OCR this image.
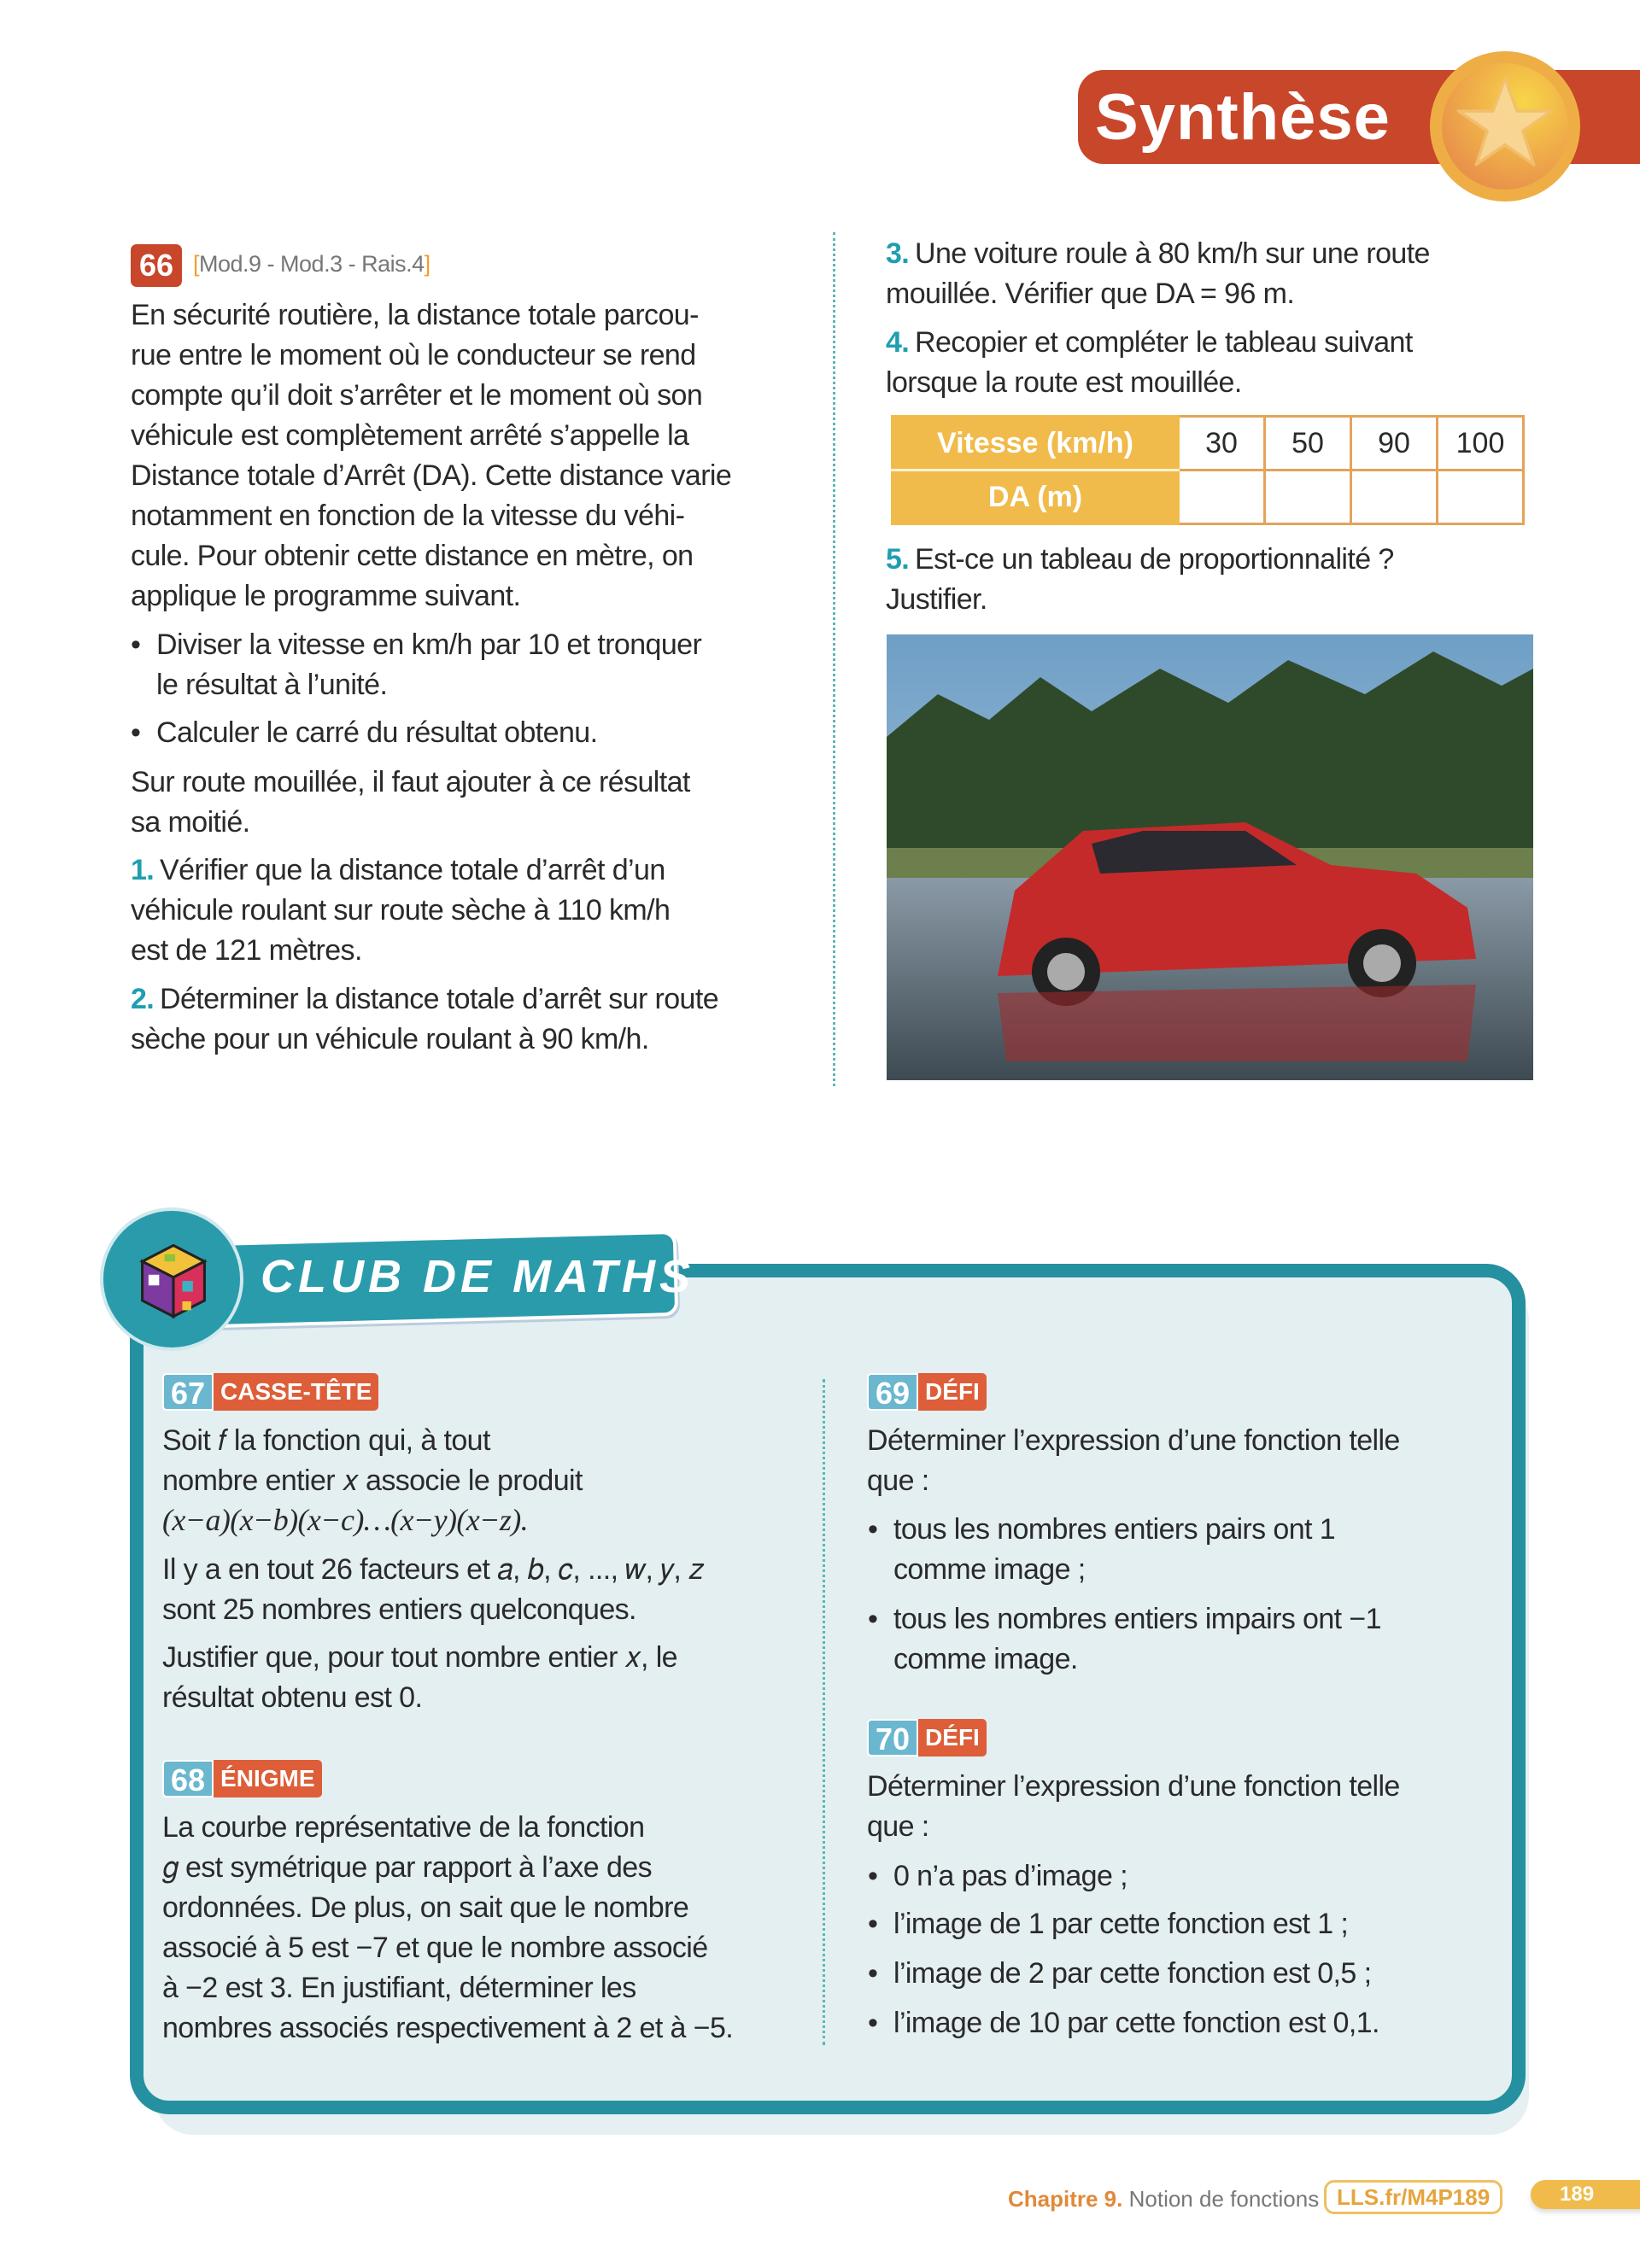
Synthèse
66 [Mod.9 - Mod.3 - Rais.4]
En sécurité routière, la distance totale parcou-
rue entre le moment où le conducteur se rend
compte qu’il doit s’arrêter et le moment où son
véhicule est complètement arrêté s’appelle la
Distance totale d’Arrêt (DA). Cette distance varie
notamment en fonction de la vitesse du véhi-
cule. Pour obtenir cette distance en mètre, on
applique le programme suivant.
• Diviser la vitesse en km/h par 10 et tronquer
le résultat à l’unité.
• Calculer le carré du résultat obtenu.
Sur route mouillée, il faut ajouter à ce résultat
sa moitié.
1. Vérifier que la distance totale d’arrêt d’un
véhicule roulant sur route sèche à 110 km/h
est de 121 mètres.
2. Déterminer la distance totale d’arrêt sur route
sèche pour un véhicule roulant à 90 km/h.
3. Une voiture roule à 80 km/h sur une route
mouillée. Vérifier que DA = 96 m.
4. Recopier et compléter le tableau suivant
lorsque la route est mouillée.
Vitesse (km/h)	30	50	90	100
DA (m)				
5. Est-ce un tableau de proportionnalité ?
Justifier.
CLUB DE MATHS
67 CASSE-TÊTE
Soit 𝑓 la fonction qui, à tout
nombre entier 𝑥 associe le produit
(x−a)(x−b)(x−c)…(x−y)(x−z).
Il y a en tout 26 facteurs et 𝑎, 𝑏, 𝑐, ..., 𝑤, 𝑦, 𝑧
sont 25 nombres entiers quelconques.
Justifier que, pour tout nombre entier 𝑥, le
résultat obtenu est 0.
68 ÉNIGME
La courbe représentative de la fonction
𝑔 est symétrique par rapport à l’axe des
ordonnées. De plus, on sait que le nombre
associé à 5 est −7 et que le nombre associé
à −2 est 3. En justifiant, déterminer les
nombres associés respectivement à 2 et à −5.
69 DÉFI
Déterminer l’expression d’une fonction telle
que :
• tous les nombres entiers pairs ont 1
comme image ;
• tous les nombres entiers impairs ont −1
comme image.
70 DÉFI
Déterminer l’expression d’une fonction telle
que :
• 0 n’a pas d’image ;
• l’image de 1 par cette fonction est 1 ;
• l’image de 2 par cette fonction est 0,5 ;
• l’image de 10 par cette fonction est 0,1.
Chapitre 9. Notion de fonctions LLS.fr/M4P189	189
